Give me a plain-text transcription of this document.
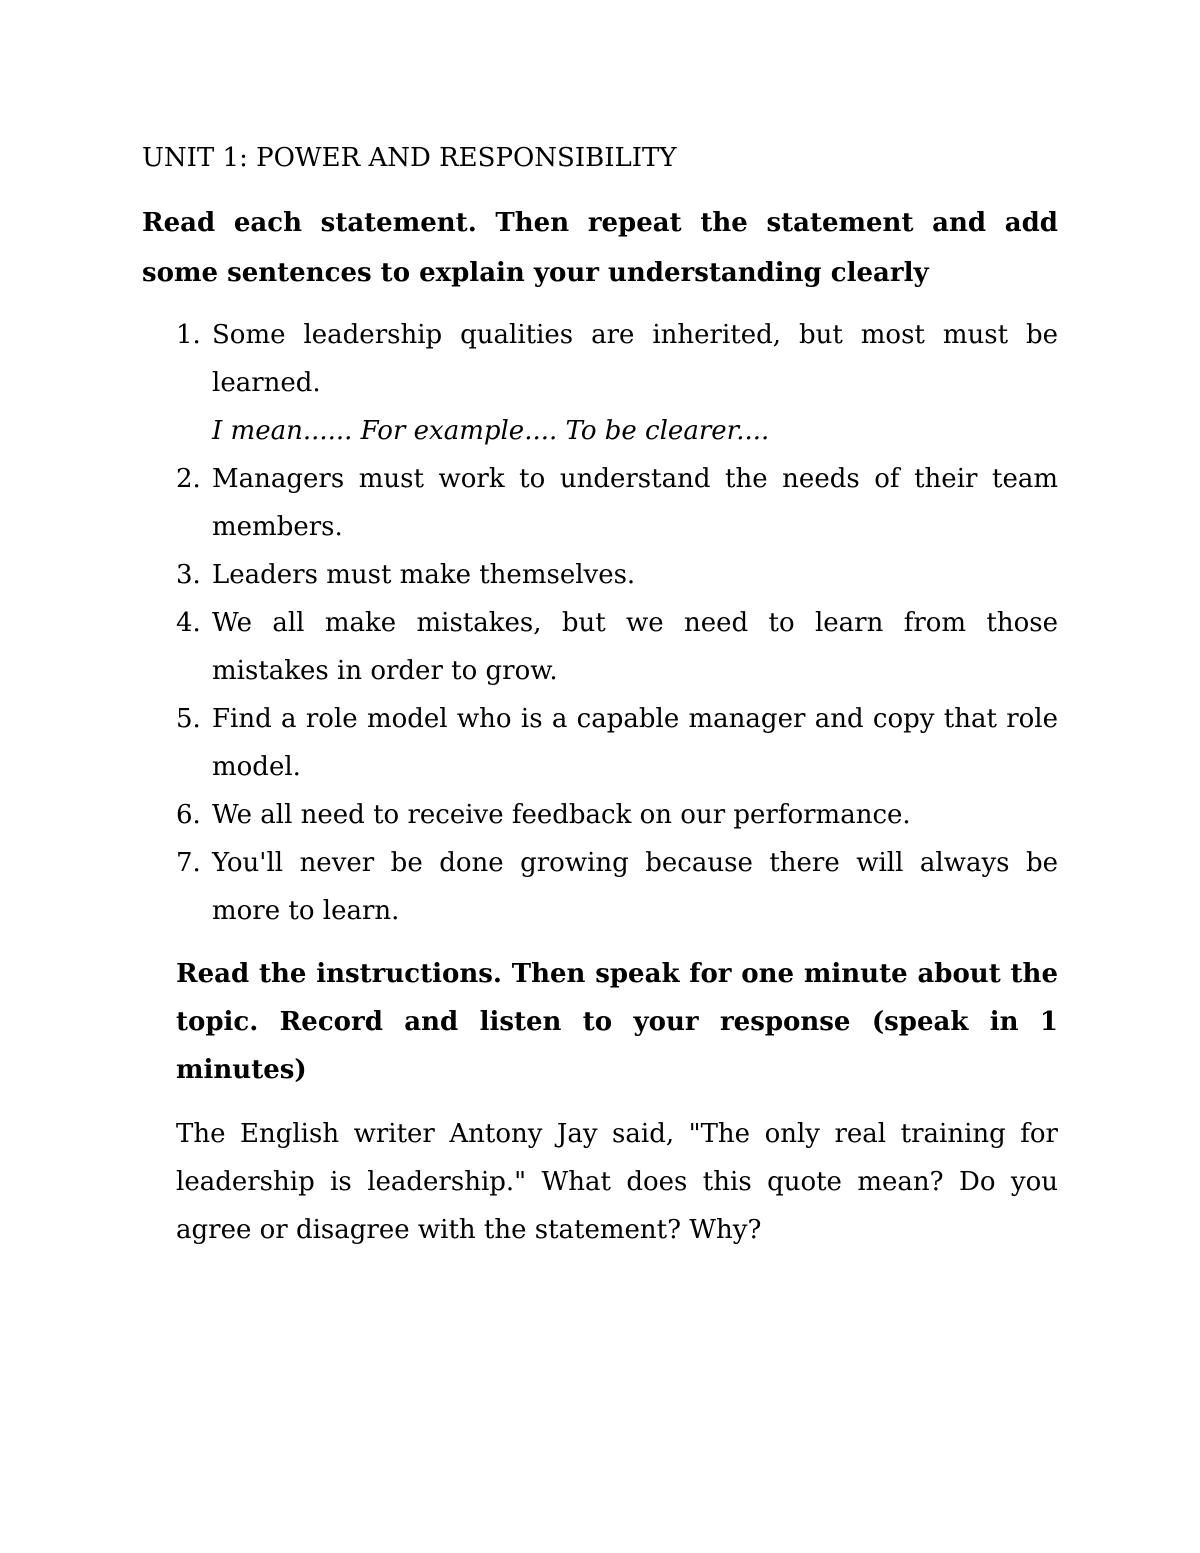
UNIT 1: POWER AND RESPONSIBILITY

Read each statement. Then repeat the statement and add some sentences to explain your understanding clearly

1. Some leadership qualities are inherited, but most must be learned.
I mean...... For example.... To be clearer....
2. Managers must work to understand the needs of their team members.
3. Leaders must make themselves.
4. We all make mistakes, but we need to learn from those mistakes in order to grow.
5. Find a role model who is a capable manager and copy that role model.
6. We all need to receive feedback on our performance.
7. You'll never be done growing because there will always be more to learn.

Read the instructions. Then speak for one minute about the topic. Record and listen to your response (speak in 1 minutes)

The English writer Antony Jay said, "The only real training for leadership is leadership." What does this quote mean? Do you agree or disagree with the statement? Why?
